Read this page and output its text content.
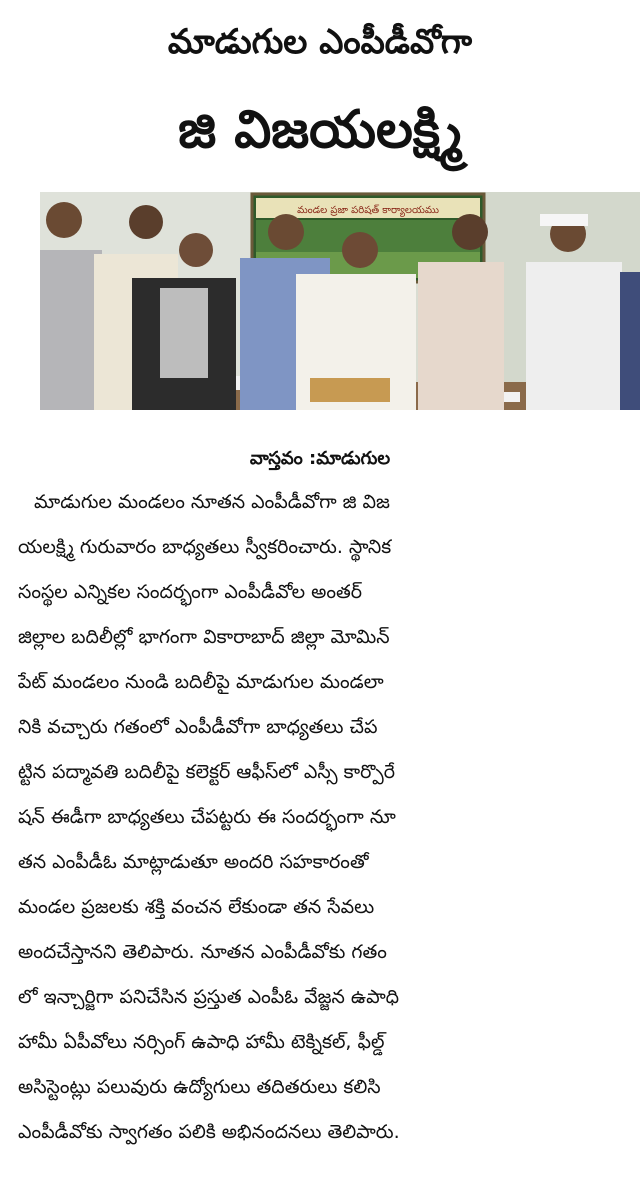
మాడుగుల ఎంపీడీవోగా
జి విజయలక్ష్మి
మండల ప్రజా పరిషత్ కార్యాలయము
వాస్తవం :మాడుగుల
మాడుగుల మండలం నూతన ఎంపీడీవోగా జి విజ
యలక్ష్మి గురువారం బాధ్యతలు స్వీకరించారు. స్థానిక
సంస్థల ఎన్నికల సందర్భంగా ఎంపీడీవోల అంతర్
జిల్లాల బదిలీల్లో భాగంగా వికారాబాద్ జిల్లా మోమిన్
పేట్ మండలం నుండి బదిలీపై మాడుగుల మండలా
నికి వచ్చారు గతంలో ఎంపీడీవోగా బాధ్యతలు చేప
ట్టిన పద్మావతి బదిలీపై కలెక్టర్ ఆఫీస్‌లో ఎస్సీ కార్పొరే
షన్ ఈడీగా బాధ్యతలు చేపట్టరు ఈ సందర్భంగా నూ
తన ఎంపీడీఓ మాట్లాడుతూ అందరి సహకారంతో
మండల ప్రజలకు శక్తి వంచన లేకుండా తన సేవలు
అందచేస్తానని తెలిపారు. నూతన ఎంపీడీవోకు గతం
లో ఇన్చార్జిగా పనిచేసిన ప్రస్తుత ఎంపీఓ వేజ్జన ఉపాధి
హామీ ఏపీవోలు నర్సింగ్ ఉపాధి హామీ టెక్నికల్, ఫీల్డ్
అసిస్టెంట్లు పలువురు ఉద్యోగులు తదితరులు కలిసి
ఎంపీడీవోకు స్వాగతం పలికి అభినందనలు తెలిపారు.
